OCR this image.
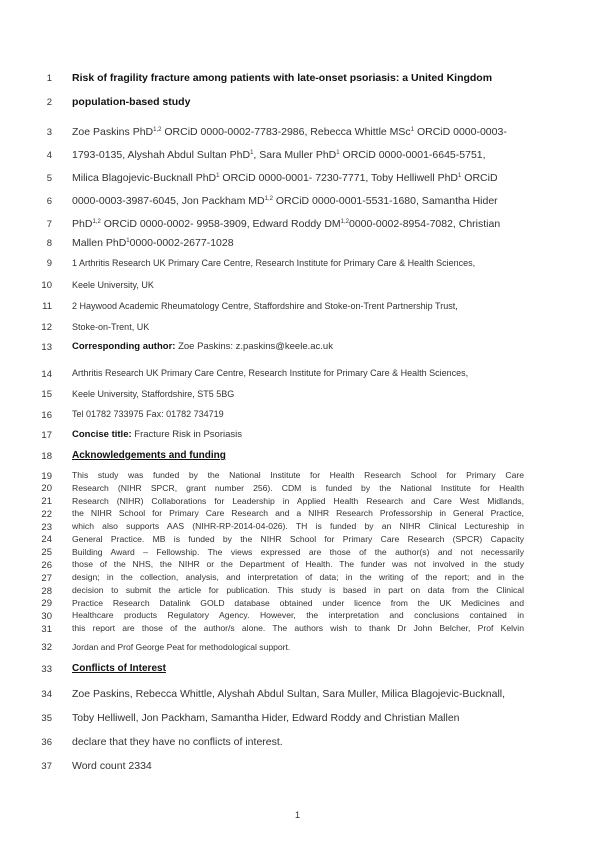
1
2
3
4
5
6
7
8
9
10
11
12
13
14
15
16
17
18
19
20
21
22
23
24
25
26
27
28
29
30
31
32
33
34
35
36
37
Risk of fragility fracture among patients with late-onset psoriasis: a United Kingdom
population-based study
Zoe Paskins PhD$^{1,2}$ ORCiD 0000-0002-7783-2986, Rebecca Whittle MSc$^1$ ORCiD 0000-0003-
1793-0135, Alyshah Abdul Sultan PhD$^1$, Sara Muller PhD$^1$ ORCiD 0000-0001-6645-5751,
Milica Blagojevic-Bucknall PhD$^1$ ORCiD 0000-0001- 7230-7771, Toby Helliwell PhD$^1$ ORCiD
0000-0003-3987-6045, Jon Packham MD$^{1,2}$ ORCiD 0000-0001-5531-1680, Samantha Hider
PhD$^{1,2}$ ORCiD 0000-0002- 9958-3909, Edward Roddy DM$^{1,2}$0000-0002-8954-7082, Christian
Mallen PhD$^1$0000-0002-2677-1028
1 Arthritis Research UK Primary Care Centre, Research Institute for Primary Care & Health Sciences,
Keele University, UK
2 Haywood Academic Rheumatology Centre, Staffordshire and Stoke-on-Trent Partnership Trust,
Stoke-on-Trent, UK
Corresponding author: Zoe Paskins: z.paskins@keele.ac.uk
Arthritis Research UK Primary Care Centre, Research Institute for Primary Care & Health Sciences,
Keele University, Staffordshire, ST5 5BG
Tel 01782 733975 Fax: 01782 734719
Concise title: Fracture Risk in Psoriasis
Acknowledgements and funding
This study was funded by the National Institute for Health Research School for Primary Care
Research (NIHR SPCR, grant number 256). CDM is funded by the National Institute for Health
Research (NIHR) Collaborations for Leadership in Applied Health Research and Care West Midlands,
the NIHR School for Primary Care Research and a NIHR Research Professorship in General Practice,
which also supports AAS (NIHR-RP-2014-04-026). TH is funded by an NIHR Clinical Lectureship in
General Practice. MB is funded by the NIHR School for Primary Care Research (SPCR) Capacity
Building Award – Fellowship. The views expressed are those of the author(s) and not necessarily
those of the NHS, the NIHR or the Department of Health. The funder was not involved in the study
design; in the collection, analysis, and interpretation of data; in the writing of the report; and in the
decision to submit the article for publication. This study is based in part on data from the Clinical
Practice Research Datalink GOLD database obtained under licence from the UK Medicines and
Healthcare products Regulatory Agency. However, the interpretation and conclusions contained in
this report are those of the author/s alone. The authors wish to thank Dr John Belcher, Prof Kelvin
Jordan and Prof George Peat for methodological support.
Conflicts of Interest
Zoe Paskins, Rebecca Whittle, Alyshah Abdul Sultan, Sara Muller, Milica Blagojevic-Bucknall,
Toby Helliwell, Jon Packham, Samantha Hider, Edward Roddy and Christian Mallen
declare that they have no conflicts of interest.
Word count 2334
1
